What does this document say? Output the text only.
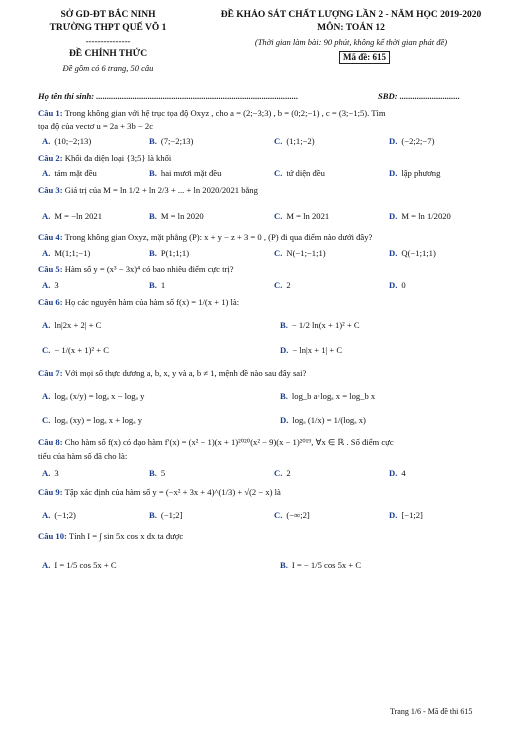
SỞ GD-ĐT BẮC NINH
TRƯỜNG THPT QUẾ VÕ 1
---------------
ĐỀ CHÍNH THỨC
Đề gồm có 6 trang, 50 câu
ĐỀ KHẢO SÁT CHẤT LƯỢNG LẦN 2 - NĂM HỌC 2019-2020
MÔN: TOÁN 12
(Thời gian làm bài: 90 phút, không kể thời gian phát đề)
Mã đề: 615
Họ tên thí sinh: ..............................................................................................	SBD: ............................
Câu 1: Trong không gian với hệ trục tọa độ Oxyz , cho a = (2;−3;3) , b = (0;2;−1) , c = (3;−1;5). Tìm
tọa độ của vectơ u = 2a + 3b − 2c
A. (10;−2;13)	B. (7;−2;13)	C. (1;1;−2)	D. (−2;2;−7)
Câu 2: Khối đa diện loại {3;5} là khối
A. tám mặt đều	B. hai mươi mặt đều	C. tứ diện đều	D. lập phương
Câu 3: Giá trị của M = ln 1/2 + ln 2/3 + ... + ln 2020/2021 bằng
A. M = −ln 2021	B. M = ln 2020	C. M = ln 2021	D. M = ln 1/2020
Câu 4: Trong không gian Oxyz, mặt phẳng (P): x + y − z + 3 = 0 , (P) đi qua điểm nào dưới đây?
A. M(1;1;−1)	B. P(1;1;1)	C. N(−1;−1;1)	D. Q(−1;1;1)
Câu 5: Hàm số y = (x³ − 3x)⁴ có bao nhiêu điểm cực trị?
A. 3	B. 1	C. 2	D. 0
Câu 6: Họ các nguyên hàm của hàm số f(x) = 1/(x + 1) là:
A. ln|2x + 2| + C	B. − 1/2 ln(x + 1)² + C
C. − 1/(x + 1)² + C	D. − ln|x + 1| + C
Câu 7: Với mọi số thực dương a, b, x, y và a, b ≠ 1, mệnh đề nào sau đây sai?
A. logₐ (x/y) = logₐ x − logₐ y	B. log_b a·logₐ x = log_b x
C. logₐ (xy) = logₐ x + logₐ y	D. logₐ (1/x) = 1/(logₐ x)
Câu 8: Cho hàm số f(x) có đạo hàm f′(x) = (x² − 1)(x + 1)²⁰²⁰(x² − 9)(x − 1)²⁰¹⁹, ∀x ∈ ℝ . Số điểm cực
tiểu của hàm số đã cho là:
A. 3	B. 5	C. 2	D. 4
Câu 9: Tập xác định của hàm số y = (−x² + 3x + 4)^(1/3) + √(2 − x) là
A. (−1;2)	B. (−1;2]	C. (−∞;2]	D. [−1;2]
Câu 10: Tính I = ∫ sin 5x cos x dx ta được
A. I = 1/5 cos 5x + C	B. I = − 1/5 cos 5x + C
Trang 1/6 - Mã đề thi 615
